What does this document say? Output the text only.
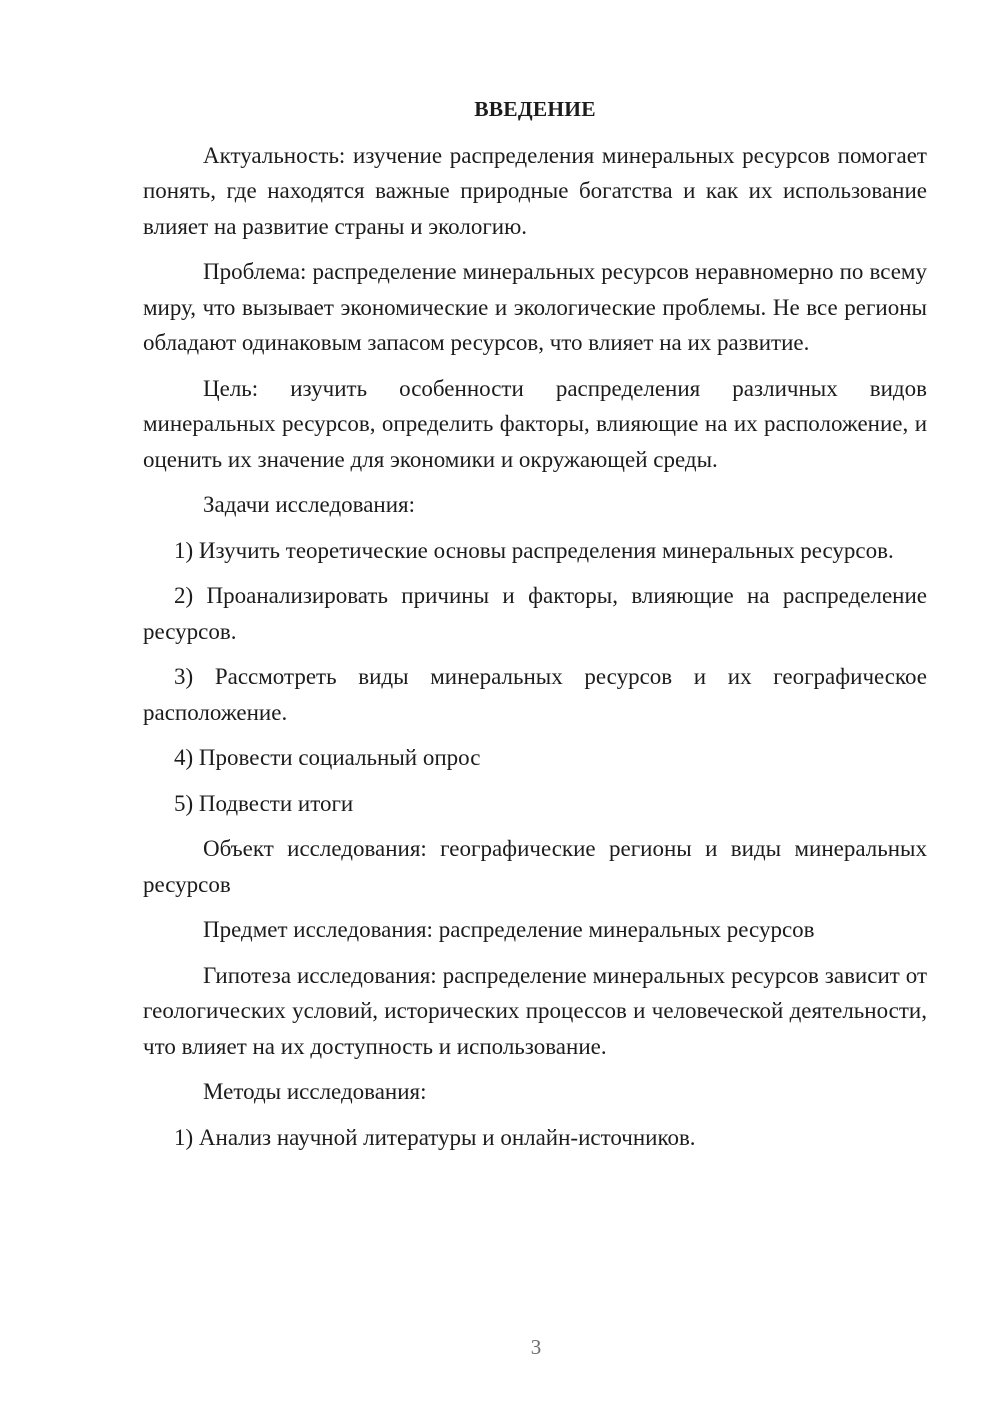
ВВЕДЕНИЕ

Актуальность: изучение распределения минеральных ресурсов помогает понять, где находятся важные природные богатства и как их использование влияет на развитие страны и экологию.

Проблема: распределение минеральных ресурсов неравномерно по всему миру, что вызывает экономические и экологические проблемы. Не все регионы обладают одинаковым запасом ресурсов, что влияет на их развитие.

Цель: изучить особенности распределения различных видов минеральных ресурсов, определить факторы, влияющие на их расположение, и оценить их значение для экономики и окружающей среды.

Задачи исследования:

1) Изучить теоретические основы распределения минеральных ресурсов.

2) Проанализировать причины и факторы, влияющие на распределение ресурсов.

3) Рассмотреть виды минеральных ресурсов и их географическое расположение.

4) Провести социальный опрос

5) Подвести итоги

Объект исследования: географические регионы и виды минеральных ресурсов

Предмет исследования: распределение минеральных ресурсов

Гипотеза исследования: распределение минеральных ресурсов зависит от геологических условий, исторических процессов и человеческой деятельности, что влияет на их доступность и использование.

Методы исследования:

1) Анализ научной литературы и онлайн-источников.

3
